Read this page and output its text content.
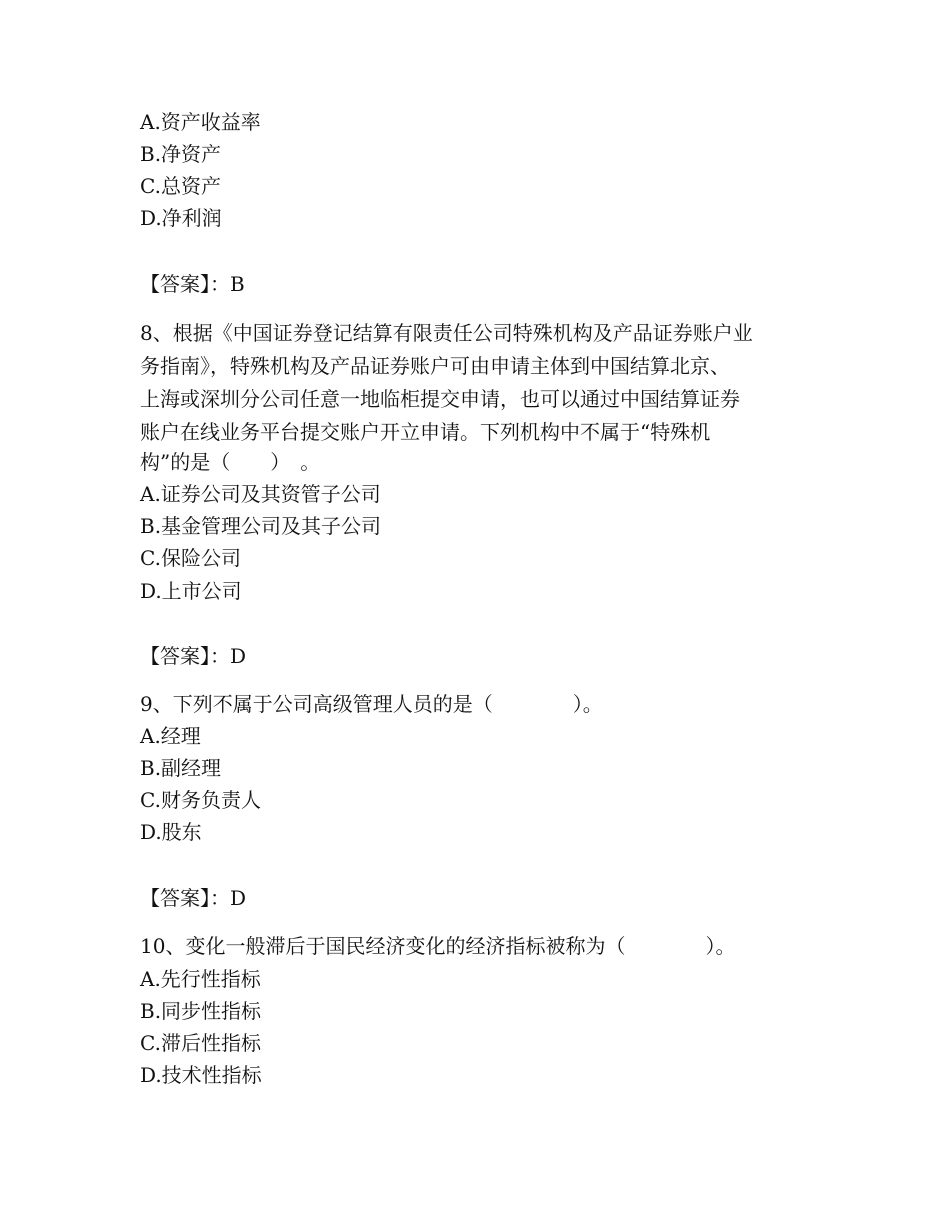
A.资产收益率
B.净资产
C.总资产
D.净利润
【答案】：B
8、根据《中国证券登记结算有限责任公司特殊机构及产品证券账户业
务指南》，特殊机构及产品证券账户可由申请主体到中国结算北京、
上海或深圳分公司任意一地临柜提交申请，也可以通过中国结算证券
账户在线业务平台提交账户开立申请。下列机构中不属于“特殊机
构”的是（　　）　。
A.证券公司及其资管子公司
B.基金管理公司及其子公司
C.保险公司
D.上市公司
【答案】：D
9、下列不属于公司高级管理人员的是（　　　　）。
A.经理
B.副经理
C.财务负责人
D.股东
【答案】：D
10、变化一般滞后于国民经济变化的经济指标被称为（　　　　）。
A.先行性指标
B.同步性指标
C.滞后性指标
D.技术性指标
